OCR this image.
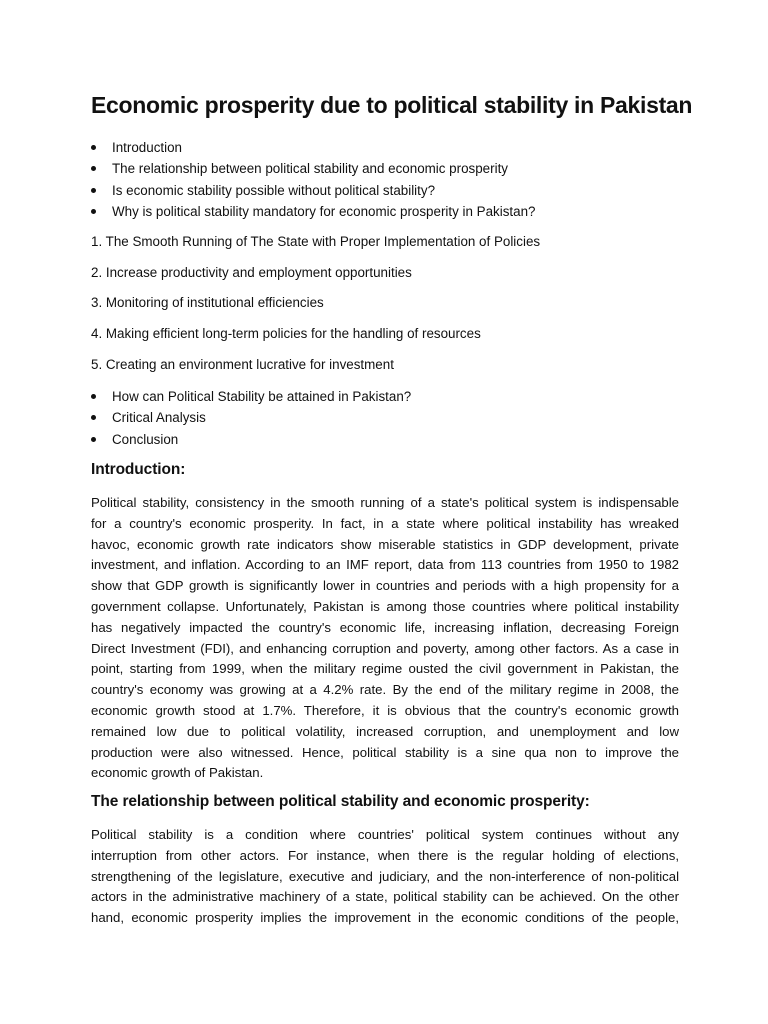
Economic prosperity due to political stability in Pakistan
Introduction
The relationship between political stability and economic prosperity
Is economic stability possible without political stability?
Why is political stability mandatory for economic prosperity in Pakistan?

1. The Smooth Running of The State with Proper Implementation of Policies

2. Increase productivity and employment opportunities

3. Monitoring of institutional efficiencies

4. Making efficient long-term policies for the handling of resources

5. Creating an environment lucrative for investment

How can Political Stability be attained in Pakistan?
Critical Analysis
Conclusion
Introduction:
Political stability, consistency in the smooth running of a state's political system is indispensable
for a country's economic prosperity. In fact, in a state where political instability has wreaked
havoc, economic growth rate indicators show miserable statistics in GDP development, private
investment, and inflation. According to an IMF report, data from 113 countries from 1950 to 1982
show that GDP growth is significantly lower in countries and periods with a high propensity for a
government collapse. Unfortunately, Pakistan is among those countries where political instability
has negatively impacted the country's economic life, increasing inflation, decreasing Foreign
Direct Investment (FDI), and enhancing corruption and poverty, among other factors. As a case in
point, starting from 1999, when the military regime ousted the civil government in Pakistan, the
country's economy was growing at a 4.2% rate. By the end of the military regime in 2008, the
economic growth stood at 1.7%. Therefore, it is obvious that the country's economic growth
remained low due to political volatility, increased corruption, and unemployment and low
production were also witnessed. Hence, political stability is a sine qua non to improve the
economic growth of Pakistan.
The relationship between political stability and economic prosperity:
Political stability is a condition where countries' political system continues without any
interruption from other actors. For instance, when there is the regular holding of elections,
strengthening of the legislature, executive and judiciary, and the non-interference of non-political
actors in the administrative machinery of a state, political stability can be achieved. On the other
hand, economic prosperity implies the improvement in the economic conditions of the people,
